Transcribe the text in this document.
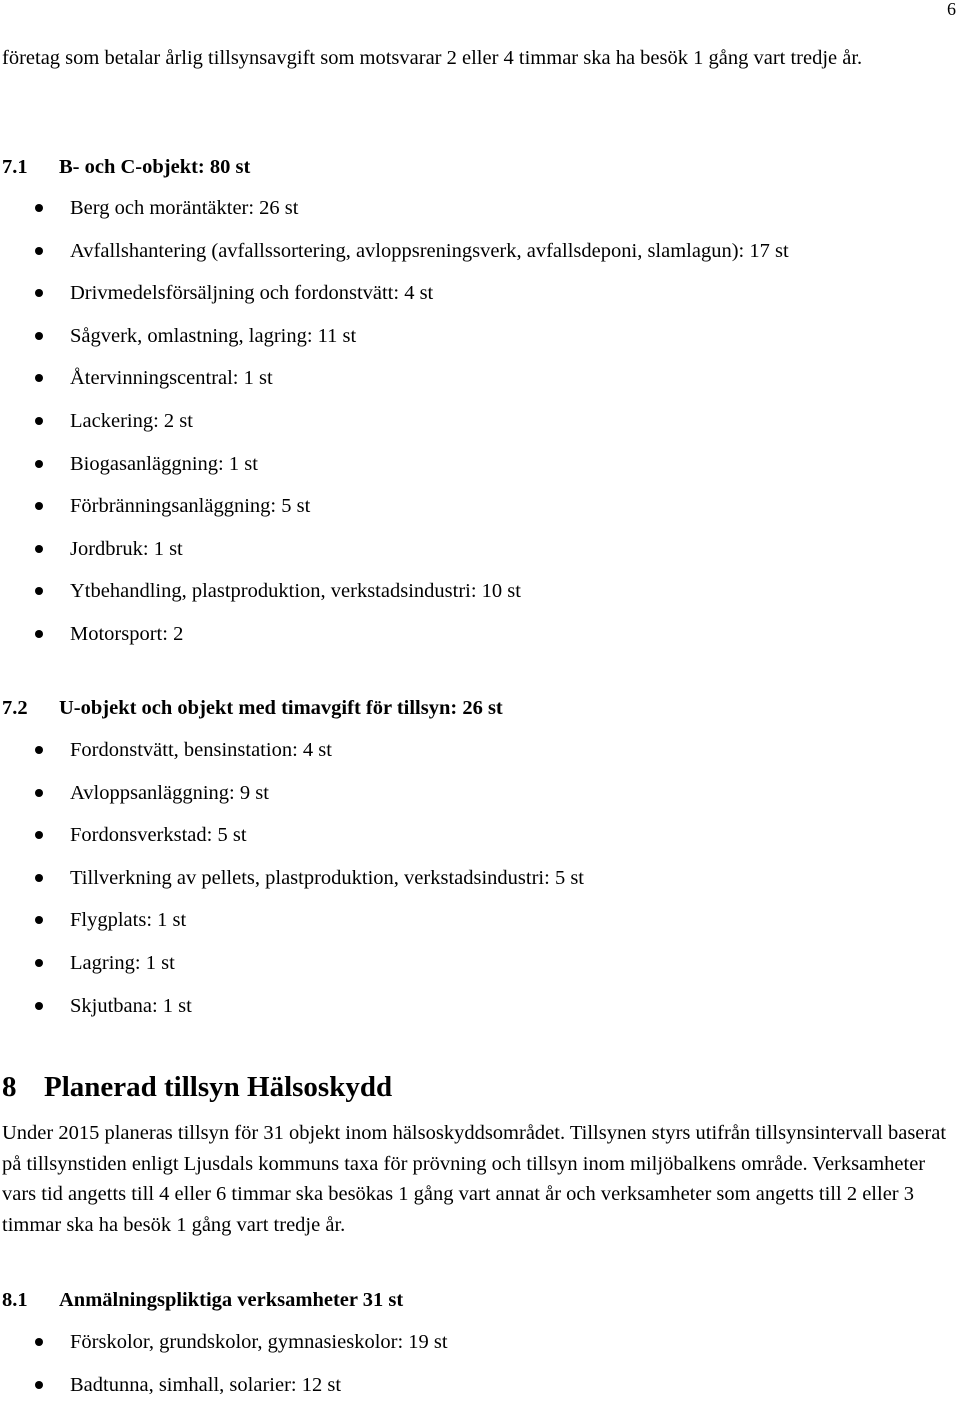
6

företag som betalar årlig tillsynsavgift som motsvarar 2 eller 4 timmar ska ha besök 1 gång vart tredje år.

7.1 B- och C-objekt: 80 st
Berg och moräntäkter: 26 st
Avfallshantering (avfallssortering, avloppsreningsverk, avfallsdeponi, slamlagun): 17 st
Drivmedelsförsäljning och fordonstvätt: 4 st
Sågverk, omlastning, lagring: 11 st
Återvinningscentral: 1 st
Lackering: 2 st
Biogasanläggning: 1 st
Förbränningsanläggning: 5 st
Jordbruk: 1 st
Ytbehandling, plastproduktion, verkstadsindustri: 10 st
Motorsport: 2
7.2 U-objekt och objekt med timavgift för tillsyn: 26 st
Fordonstvätt, bensinstation: 4 st
Avloppsanläggning: 9 st
Fordonsverkstad: 5 st
Tillverkning av pellets, plastproduktion, verkstadsindustri: 5 st
Flygplats: 1 st
Lagring: 1 st
Skjutbana: 1 st
8 Planerad tillsyn Hälsoskydd

Under 2015 planeras tillsyn för 31 objekt inom hälsoskyddsområdet. Tillsynen styrs utifrån tillsynsintervall baserat på tillsynstiden enligt Ljusdals kommuns taxa för prövning och tillsyn inom miljöbalkens område. Verksamheter vars tid angetts till 4 eller 6 timmar ska besökas 1 gång vart annat år och verksamheter som angetts till 2 eller 3 timmar ska ha besök 1 gång vart tredje år.

8.1 Anmälningspliktiga verksamheter 31 st
Förskolor, grundskolor, gymnasieskolor: 19 st
Badtunna, simhall, solarier: 12 st
